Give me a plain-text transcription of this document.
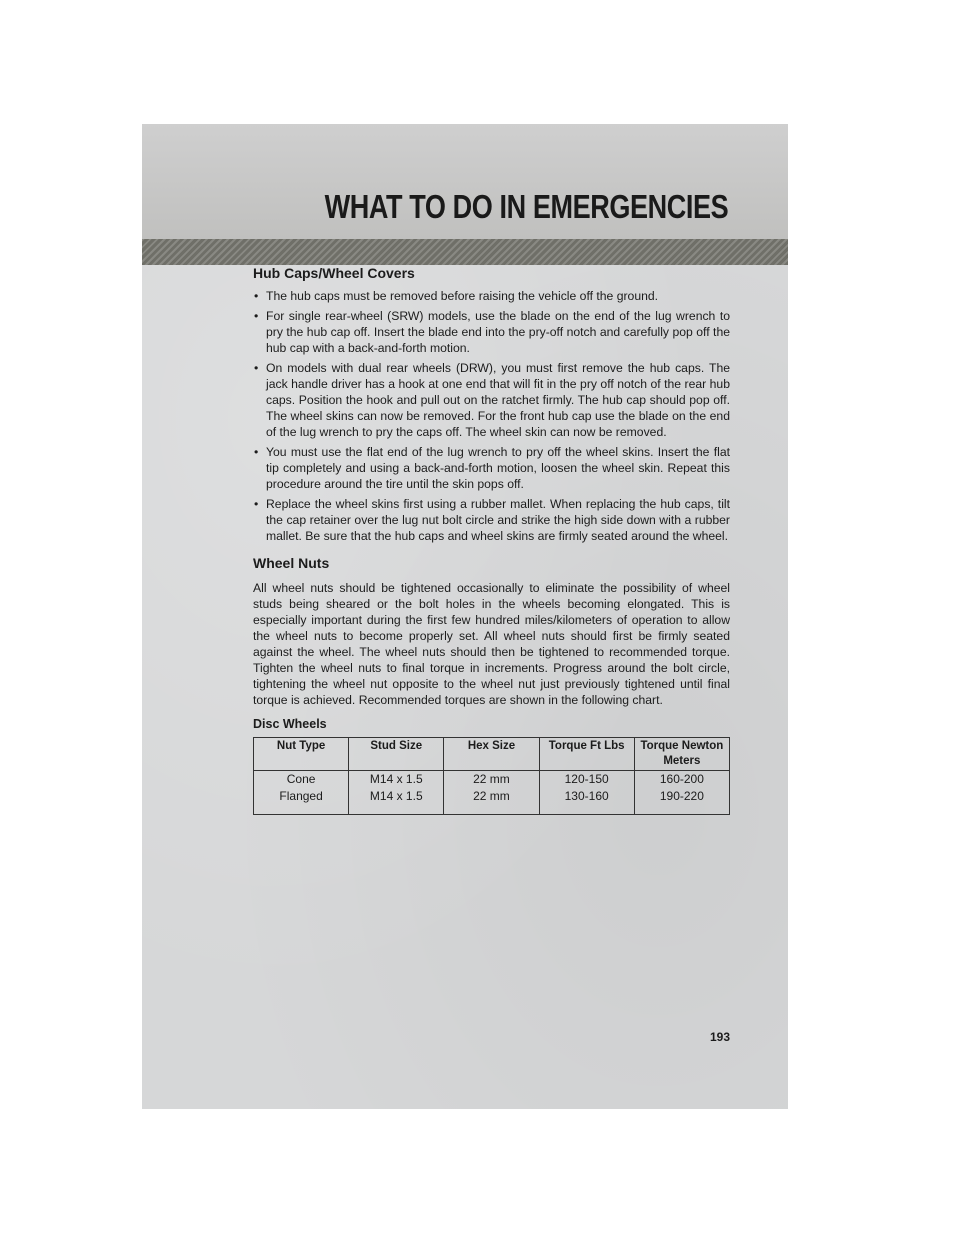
WHAT TO DO IN EMERGENCIES
Hub Caps/Wheel Covers
• The hub caps must be removed before raising the vehicle off the ground.
• For single rear-wheel (SRW) models, use the blade on the end of the lug wrench to pry the hub cap off. Insert the blade end into the pry-off notch and carefully pop off the hub cap with a back-and-forth motion.
• On models with dual rear wheels (DRW), you must first remove the hub caps. The jack handle driver has a hook at one end that will fit in the pry off notch of the rear hub caps. Position the hook and pull out on the ratchet firmly. The hub cap should pop off. The wheel skins can now be removed. For the front hub cap use the blade on the end of the lug wrench to pry the caps off. The wheel skin can now be removed.
• You must use the flat end of the lug wrench to pry off the wheel skins. Insert the flat tip completely and using a back-and-forth motion, loosen the wheel skin. Repeat this procedure around the tire until the skin pops off.
• Replace the wheel skins first using a rubber mallet. When replacing the hub caps, tilt the cap retainer over the lug nut bolt circle and strike the high side down with a rubber mallet. Be sure that the hub caps and wheel skins are firmly seated around the wheel.
Wheel Nuts

All wheel nuts should be tightened occasionally to eliminate the possibility of wheel studs being sheared or the bolt holes in the wheels becoming elongated. This is especially important during the first few hundred miles/kilometers of operation to allow the wheel nuts to become properly set. All wheel nuts should first be firmly seated against the wheel. The wheel nuts should then be tightened to recommended torque. Tighten the wheel nuts to final torque in increments. Progress around the bolt circle, tightening the wheel nut opposite to the wheel nut just previously tightened until final torque is achieved. Recommended torques are shown in the following chart.

Disc Wheels
Nut Type	Stud Size	Hex Size	Torque Ft Lbs	Torque Newton Meters
Cone	M14 x 1.5	22 mm	120-150	160-200
Flanged	M14 x 1.5	22 mm	130-160	190-220
193
